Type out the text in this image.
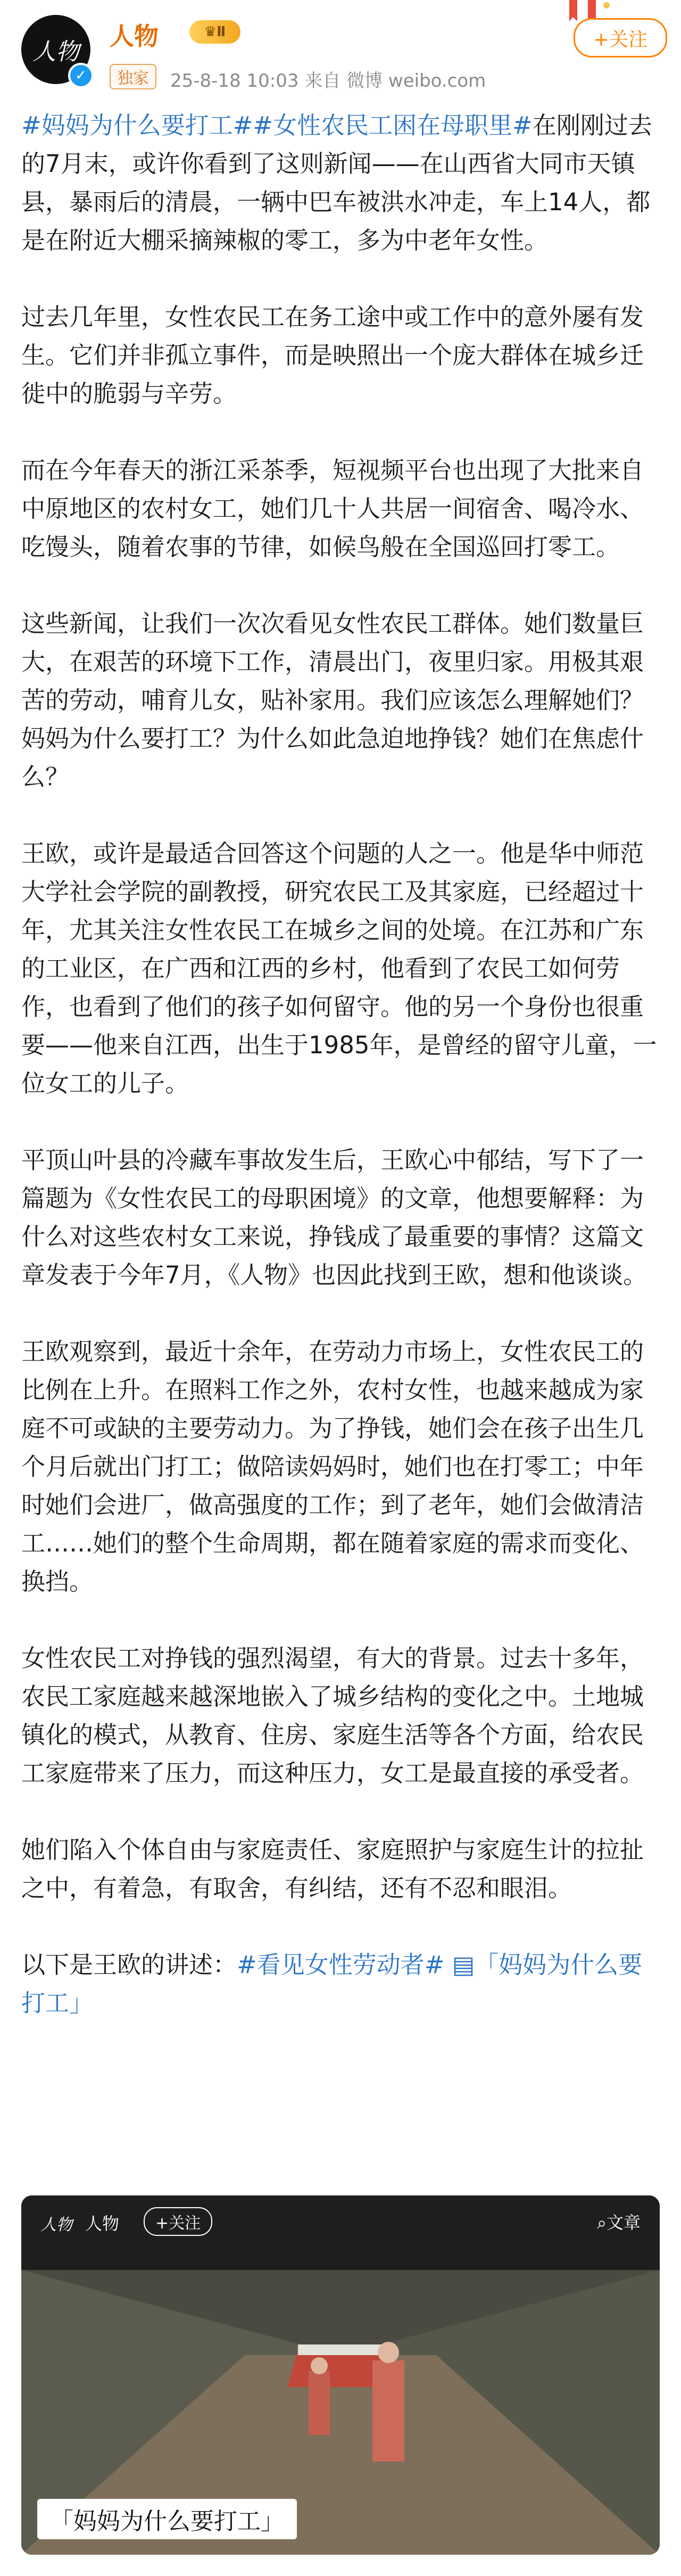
人物
✓
人物	♛ Ⅱ
独家	25-8-18 10:03 来自 微博 weibo.com
+关注

#妈妈为什么要打工##女性农民工困在母职里#在刚刚过去的7月末，或许你看到了这则新闻——在山西省大同市天镇县，暴雨后的清晨，一辆中巴车被洪水冲走，车上14人，都是在附近大棚采摘辣椒的零工，多为中老年女性。

过去几年里，女性农民工在务工途中或工作中的意外屡有发生。它们并非孤立事件，而是映照出一个庞大群体在城乡迁徙中的脆弱与辛劳。

而在今年春天的浙江采茶季，短视频平台也出现了大批来自中原地区的农村女工，她们几十人共居一间宿舍、喝冷水、吃馒头，随着农事的节律，如候鸟般在全国巡回打零工。

这些新闻，让我们一次次看见女性农民工群体。她们数量巨大，在艰苦的环境下工作，清晨出门，夜里归家。用极其艰苦的劳动，哺育儿女，贴补家用。我们应该怎么理解她们？妈妈为什么要打工？为什么如此急迫地挣钱？她们在焦虑什么？

王欧，或许是最适合回答这个问题的人之一。他是华中师范大学社会学院的副教授，研究农民工及其家庭，已经超过十年，尤其关注女性农民工在城乡之间的处境。在江苏和广东的工业区，在广西和江西的乡村，他看到了农民工如何劳作，也看到了他们的孩子如何留守。他的另一个身份也很重要——他来自江西，出生于1985年，是曾经的留守儿童，一位女工的儿子。

平顶山叶县的冷藏车事故发生后，王欧心中郁结，写下了一篇题为《女性农民工的母职困境》的文章，他想要解释：为什么对这些农村女工来说，挣钱成了最重要的事情？这篇文章发表于今年7月，《人物》也因此找到王欧，想和他谈谈。

王欧观察到，最近十余年，在劳动力市场上，女性农民工的比例在上升。在照料工作之外，农村女性，也越来越成为家庭不可或缺的主要劳动力。为了挣钱，她们会在孩子出生几个月后就出门打工；做陪读妈妈时，她们也在打零工；中年时她们会进厂，做高强度的工作；到了老年，她们会做清洁工……她们的整个生命周期，都在随着家庭的需求而变化、换挡。

女性农民工对挣钱的强烈渴望，有大的背景。过去十多年，农民工家庭越来越深地嵌入了城乡结构的变化之中。土地城镇化的模式，从教育、住房、家庭生活等各个方面，给农民工家庭带来了压力，而这种压力，女工是最直接的承受者。

她们陷入个体自由与家庭责任、家庭照护与家庭生计的拉扯之中，有着急，有取舍，有纠结，还有不忍和眼泪。

以下是王欧的讲述：#看见女性劳动者# ▤「妈妈为什么要打工」

人物 人物	+关注	⌕文章
「妈妈为什么要打工」
